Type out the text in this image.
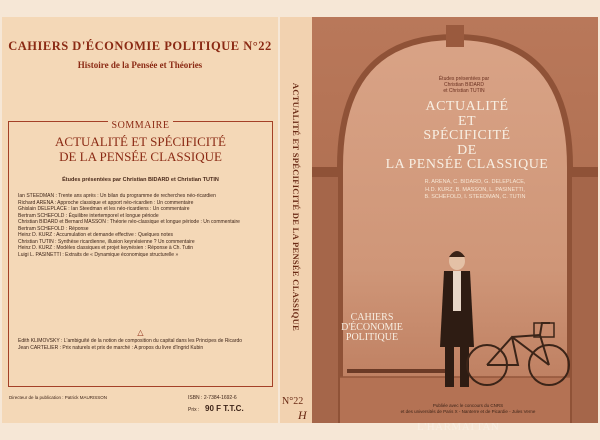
CAHIERS D'ÉCONOMIE POLITIQUE N°22
Histoire de la Pensée et Théories
SOMMAIRE
ACTUALITÉ ET SPÉCIFICITÉ
DE LA PENSÉE CLASSIQUE
Études présentées par Christian BIDARD et Christian TUTIN
Ian STEEDMAN : Trente ans après : Un bilan du programme de recherches néo-ricardien
Richard ARENA : Approche classique et apport néo-ricardien : Un commentaire
Ghislain DELEPLACE : Ian Steedman et les néo-ricardiens : Un commentaire
Bertram SCHEFOLD : Équilibre intertemporel et longue période
Christian BIDARD et Bernard MASSON : Théorie néo-classique et longue période : Un commentaire
Bertram SCHEFOLD : Réponse
Heinz D. KURZ : Accumulation et demande effective : Quelques notes
Christian TUTIN : Synthèse ricardienne, illusion keynésienne ? Un commentaire
Heinz D. KURZ : Modèles classiques et projet keynésien : Réponse à Ch. Tutin
Luigi L. PASINETTI : Extraits de « Dynamique économique structurelle »
△
Edith KLIMOVSKY : L'ambiguïté de la notion de composition du capital dans les Principes de Ricardo
Jean CARTELIER : Prix naturels et prix de marché : A propos du livre d'Ingrid Kubin
Directeur de la publication : Patrick MAURISSON	ISBN : 2-7384-1692-6
Prix : 90 F T.T.C.
ACTUALITÉ ET SPÉCIFICITÉ DE LA PENSÉE CLASSIQUE
N°22
H
Études présentées par
Christian BIDARD
et Christian TUTIN
ACTUALITÉ
ET
SPÉCIFICITÉ
DE
LA PENSÉE CLASSIQUE
R. ARENA, C. BIDARD, G. DELEPLACE,
H.D. KURZ, B. MASSON, L. PASINETTI,
B. SCHEFOLD, I. STEEDMAN, C. TUTIN
CAHIERS
D'ÉCONOMIE
POLITIQUE
Publiée avec le concours du CNRS
et des universités de Paris X - Nanterre et de Picardie - Jules Verne
L'HARMATTAN
